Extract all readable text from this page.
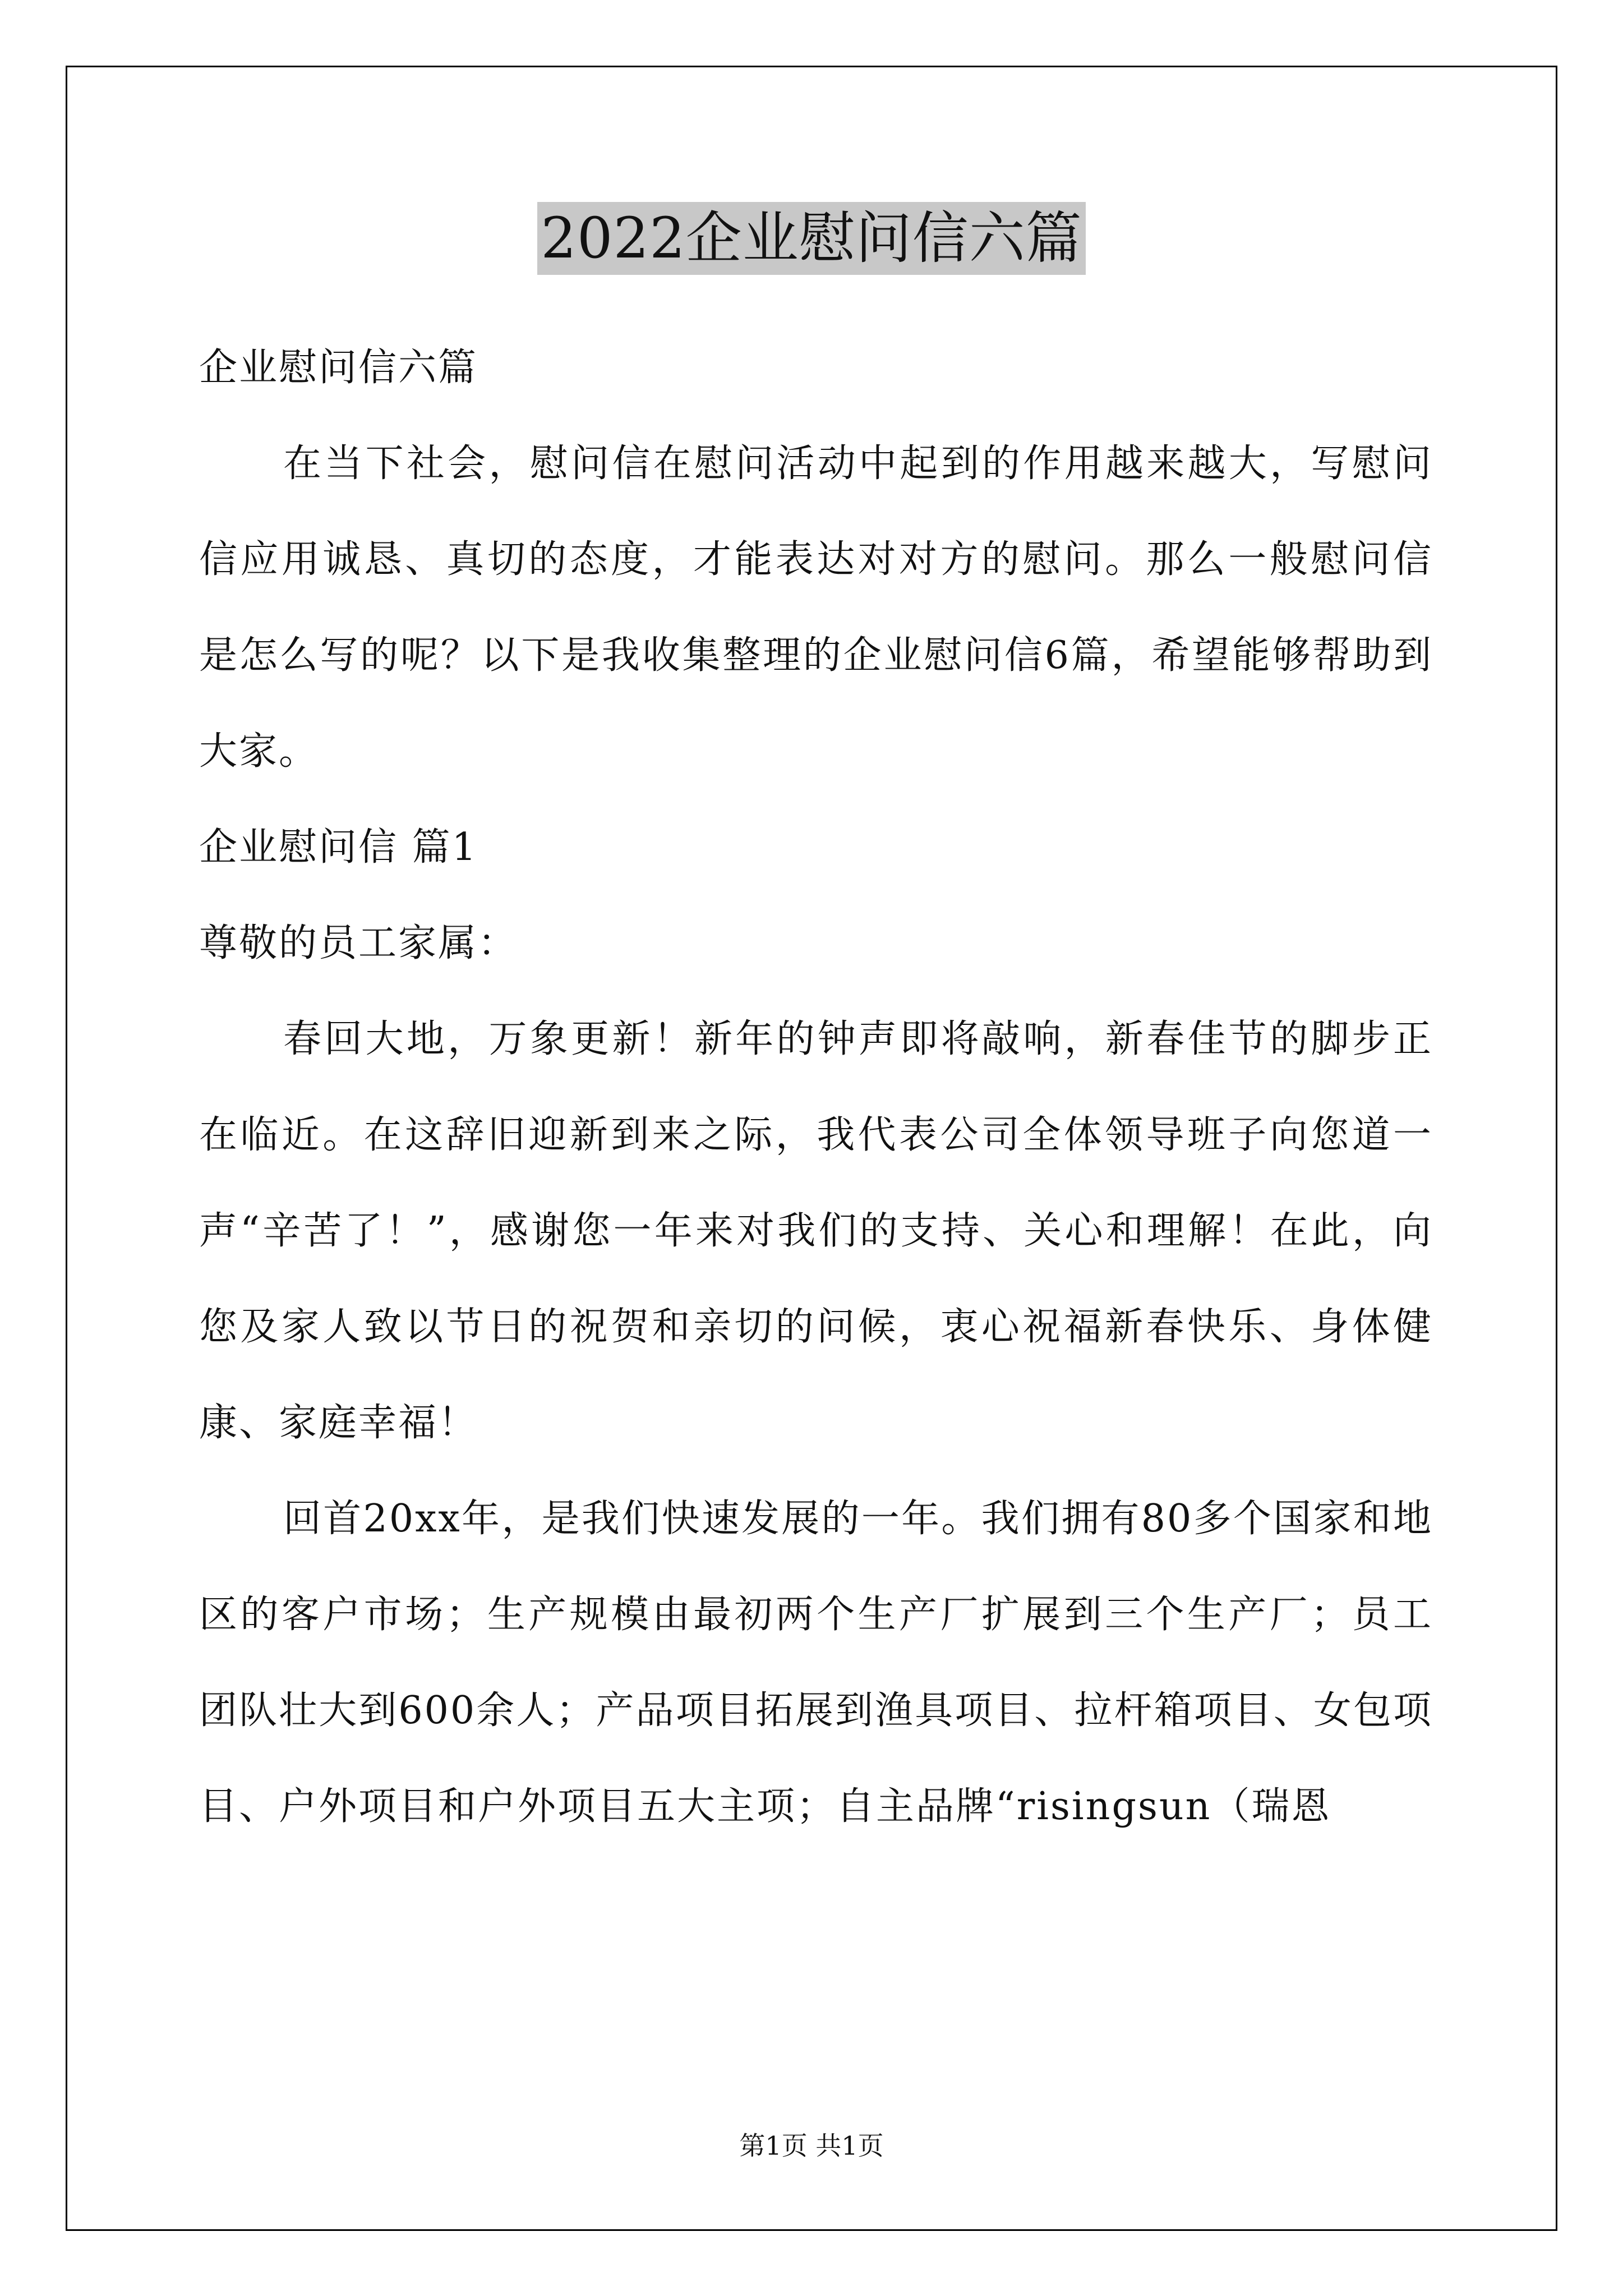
2022企业慰问信六篇

企业慰问信六篇

在当下社会，慰问信在慰问活动中起到的作用越来越大，写慰问信应用诚恳、真切的态度，才能表达对对方的慰问。那么一般慰问信是怎么写的呢？以下是我收集整理的企业慰问信6篇，希望能够帮助到大家。

企业慰问信 篇1

尊敬的员工家属：

春回大地，万象更新！新年的钟声即将敲响，新春佳节的脚步正在临近。在这辞旧迎新到来之际，我代表公司全体领导班子向您道一声“辛苦了！”，感谢您一年来对我们的支持、关心和理解！在此，向您及家人致以节日的祝贺和亲切的问候，衷心祝福新春快乐、身体健康、家庭幸福！

回首20xx年，是我们快速发展的一年。我们拥有80多个国家和地区的客户市场；生产规模由最初两个生产厂扩展到三个生产厂；员工团队壮大到600余人；产品项目拓展到渔具项目、拉杆箱项目、女包项目、户外项目和户外项目五大主项；自主品牌“risingsun（瑞恩

第1页 共1页
